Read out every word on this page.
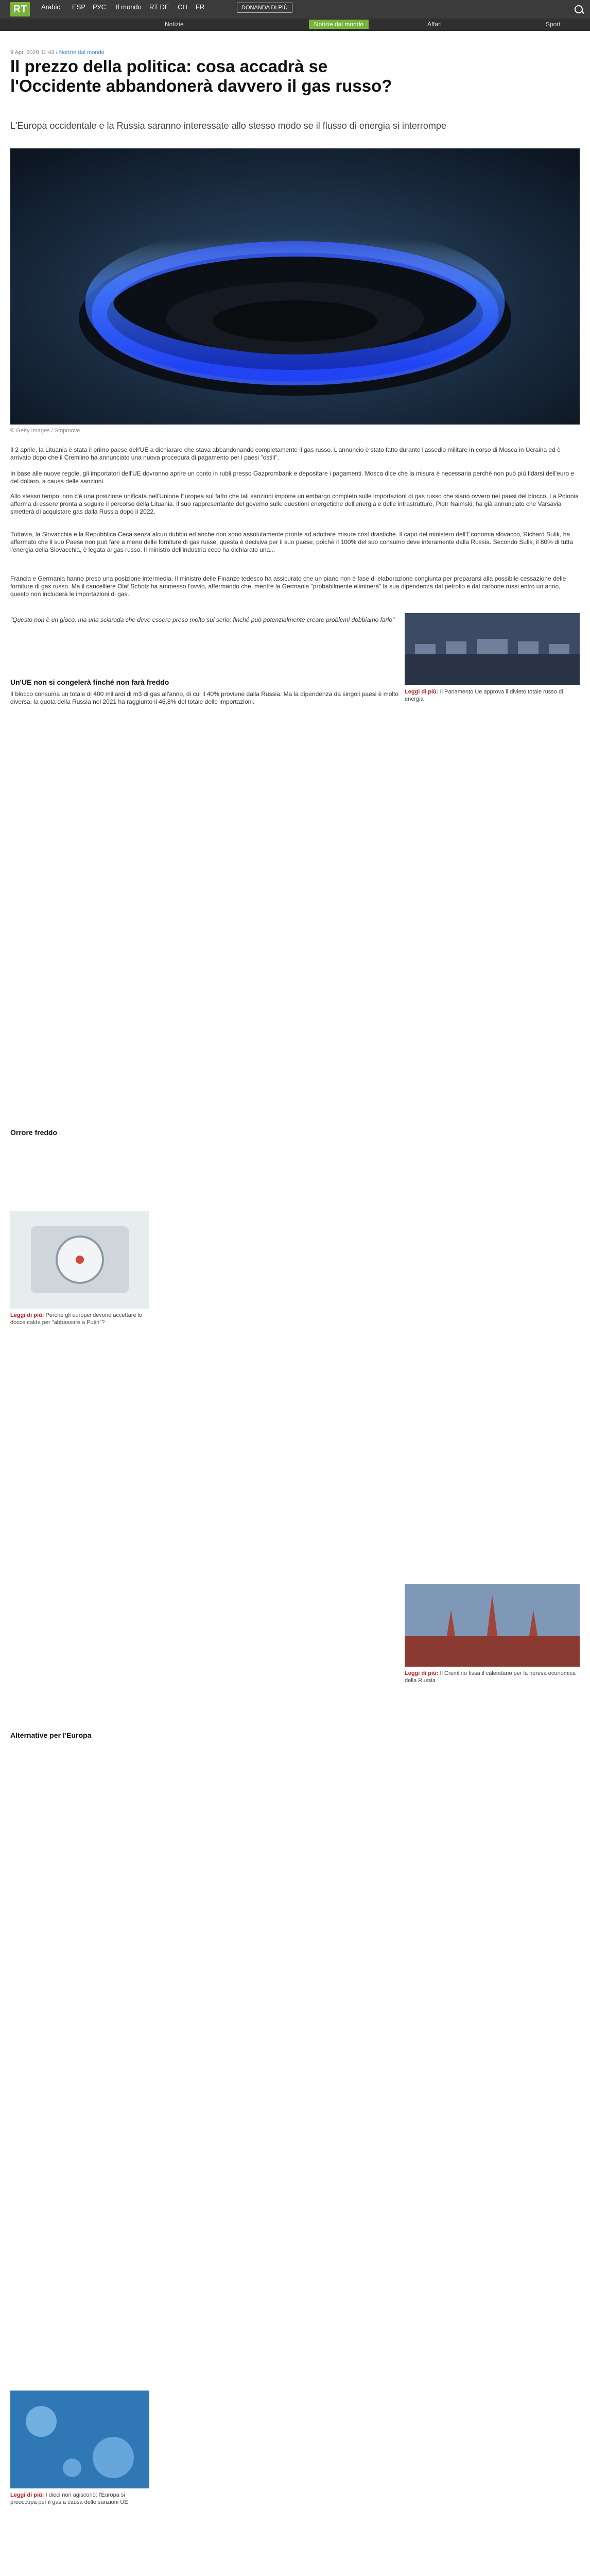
RT	Arabic ESP РУС Il mondo RT DE CH FR	DONANDA DI PIÙ
Notizie	Notizie dal mondo	Affari	Sport
9 Apr, 2020 11:43 / Notizie dal mondo
Il prezzo della politica: cosa accadrà se l'Occidente abbandonerà davvero il gas russo?

L'Europa occidentale e la Russia saranno interessate allo stesso modo se il flusso di energia si interrompe

© Getty Images / Stopmove

Il 2 aprile, la Lituania è stata il primo paese dell'UE a dichiarare che stava abbandonando completamente il gas russo. L'annuncio è stato fatto durante l'assedio militare in corso di Mosca in Ucraina ed è arrivato dopo che il Cremlino ha annunciato una nuova procedura di pagamento per i paesi "ostili".

In base alle nuove regole, gli importatori dell'UE dovranno aprire un conto in rubli presso Gazprombank e depositare i pagamenti. Mosca dice che la misura è necessaria perché non può più fidarsi dell'euro e del dollaro, a causa delle sanzioni.

Allo stesso tempo, non c'è una posizione unificata nell'Unione Europea sul fatto che tali sanzioni imporre un embargo completo sulle importazioni di gas russo che siano ovvero nei paesi del blocco. La Polonia afferma di essere pronta a seguire il percorso della Lituania. Il suo rappresentante del governo sulle questioni energetiche dell'energia e delle infrastrutture, Piotr Naimski, ha già annunciato che Varsavia smetterà di acquistare gas dalla Russia dopo il 2022.

Tuttavia, la Slovacchia e la Repubblica Ceca senza alcun dubbio ed anche non sono assolutamente pronte ad adottare misure così drastiche. Il capo del ministero dell'Economia slovacco, Richard Sulik, ha affermato che il suo Paese non può fare a meno delle forniture di gas russe, questa è decisiva per il suo paese, poiché il 100% del suo consumo deve interamente dalla Russia. Secondo Sulik, il 80% di tutta l'energia della Slovacchia, è legata al gas russo. Il ministro dell'industria ceco ha dichiarato una...

Francia e Germania hanno preso una posizione intermedia. Il ministro delle Finanze tedesco ha assicurato che un piano non è fase di elaborazione congiunta per prepararsi alla possibile cessazione delle forniture di gas russo. Ma il cancelliere Olaf Scholz ha ammesso l'ovvio, affermando che, mentre la Germania "probabilmente eliminerà" la sua dipendenza dal petrolio e dal carbone russi entro un anno, questo non includerà le importazioni di gas.

"Questo non è un gioco, ma una sciarada che deve essere preso molto sul serio; finché può potenzialmente creare problemi dobbiamo farlo"

Leggi di più: Il Parlamento Ue approva il divieto totale russo di energia
Un'UE non si congelerà finché non farà freddo

Il blocco consuma un totale di 400 miliardi di m3 di gas all'anno, di cui il 40% proviene dalla Russia. Ma la dipendenza da singoli paesi è molto diversa: la quota della Russia nel 2021 ha raggiunto il 46,8% del totale delle importazioni.

Orrore freddo
Leggi di più: Perché gli europei devono accettare le docce calde per "abbassare a Putin"?
Alternative per l'Europa
Leggi di più: Il Cremlino fissa il calendario per la ripresa economica della Russia
Leggi di più: I dieci non agiscono: l'Europa si preoccupa per il gas a causa delle sanzioni UE
